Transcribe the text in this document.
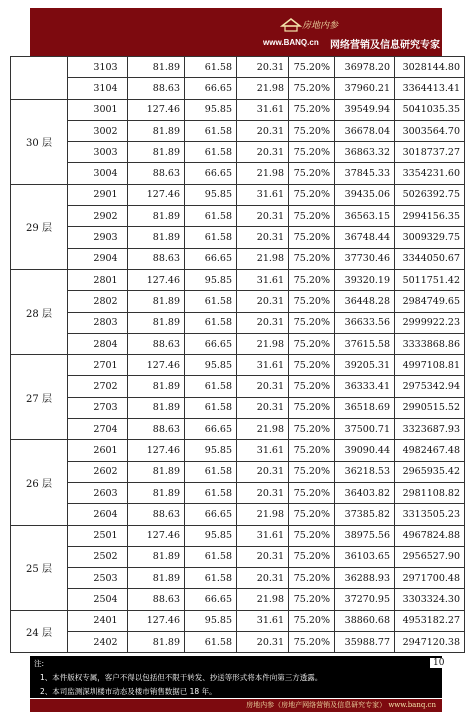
房地内参
www.BANQ.cn 网络营销及信息研究专家
	3103	81.89	61.58	20.31	75.20%	36978.20	3028144.80
	3104	88.63	66.65	21.98	75.20%	37960.21	3364413.41
30 层	3001	127.46	95.85	31.61	75.20%	39549.94	5041035.35
	3002	81.89	61.58	20.31	75.20%	36678.04	3003564.70
	3003	81.89	61.58	20.31	75.20%	36863.32	3018737.27
	3004	88.63	66.65	21.98	75.20%	37845.33	3354231.60
29 层	2901	127.46	95.85	31.61	75.20%	39435.06	5026392.75
	2902	81.89	61.58	20.31	75.20%	36563.15	2994156.35
	2903	81.89	61.58	20.31	75.20%	36748.44	3009329.75
	2904	88.63	66.65	21.98	75.20%	37730.46	3344050.67
28 层	2801	127.46	95.85	31.61	75.20%	39320.19	5011751.42
	2802	81.89	61.58	20.31	75.20%	36448.28	2984749.65
	2803	81.89	61.58	20.31	75.20%	36633.56	2999922.23
	2804	88.63	66.65	21.98	75.20%	37615.58	3333868.86
27 层	2701	127.46	95.85	31.61	75.20%	39205.31	4997108.81
	2702	81.89	61.58	20.31	75.20%	36333.41	2975342.94
	2703	81.89	61.58	20.31	75.20%	36518.69	2990515.52
	2704	88.63	66.65	21.98	75.20%	37500.71	3323687.93
26 层	2601	127.46	95.85	31.61	75.20%	39090.44	4982467.48
	2602	81.89	61.58	20.31	75.20%	36218.53	2965935.42
	2603	81.89	61.58	20.31	75.20%	36403.82	2981108.82
	2604	88.63	66.65	21.98	75.20%	37385.82	3313505.23
25 层	2501	127.46	95.85	31.61	75.20%	38975.56	4967824.88
	2502	81.89	61.58	20.31	75.20%	36103.65	2956527.90
	2503	81.89	61.58	20.31	75.20%	36288.93	2971700.48
	2504	88.63	66.65	21.98	75.20%	37270.95	3303324.30
24 层	2401	127.46	95.85	31.61	75.20%	38860.68	4953182.27
	2402	81.89	61.58	20.31	75.20%	35988.77	2947120.38
注:
1、本件版权专属，客户不得以包括但不限于转发、抄送等形式将本件向第三方透露。
2、本司监测深圳楼市动态及楼市销售数据已 18 年。
10
房地内参（房地产网络营销及信息研究专家） www.banq.cn
